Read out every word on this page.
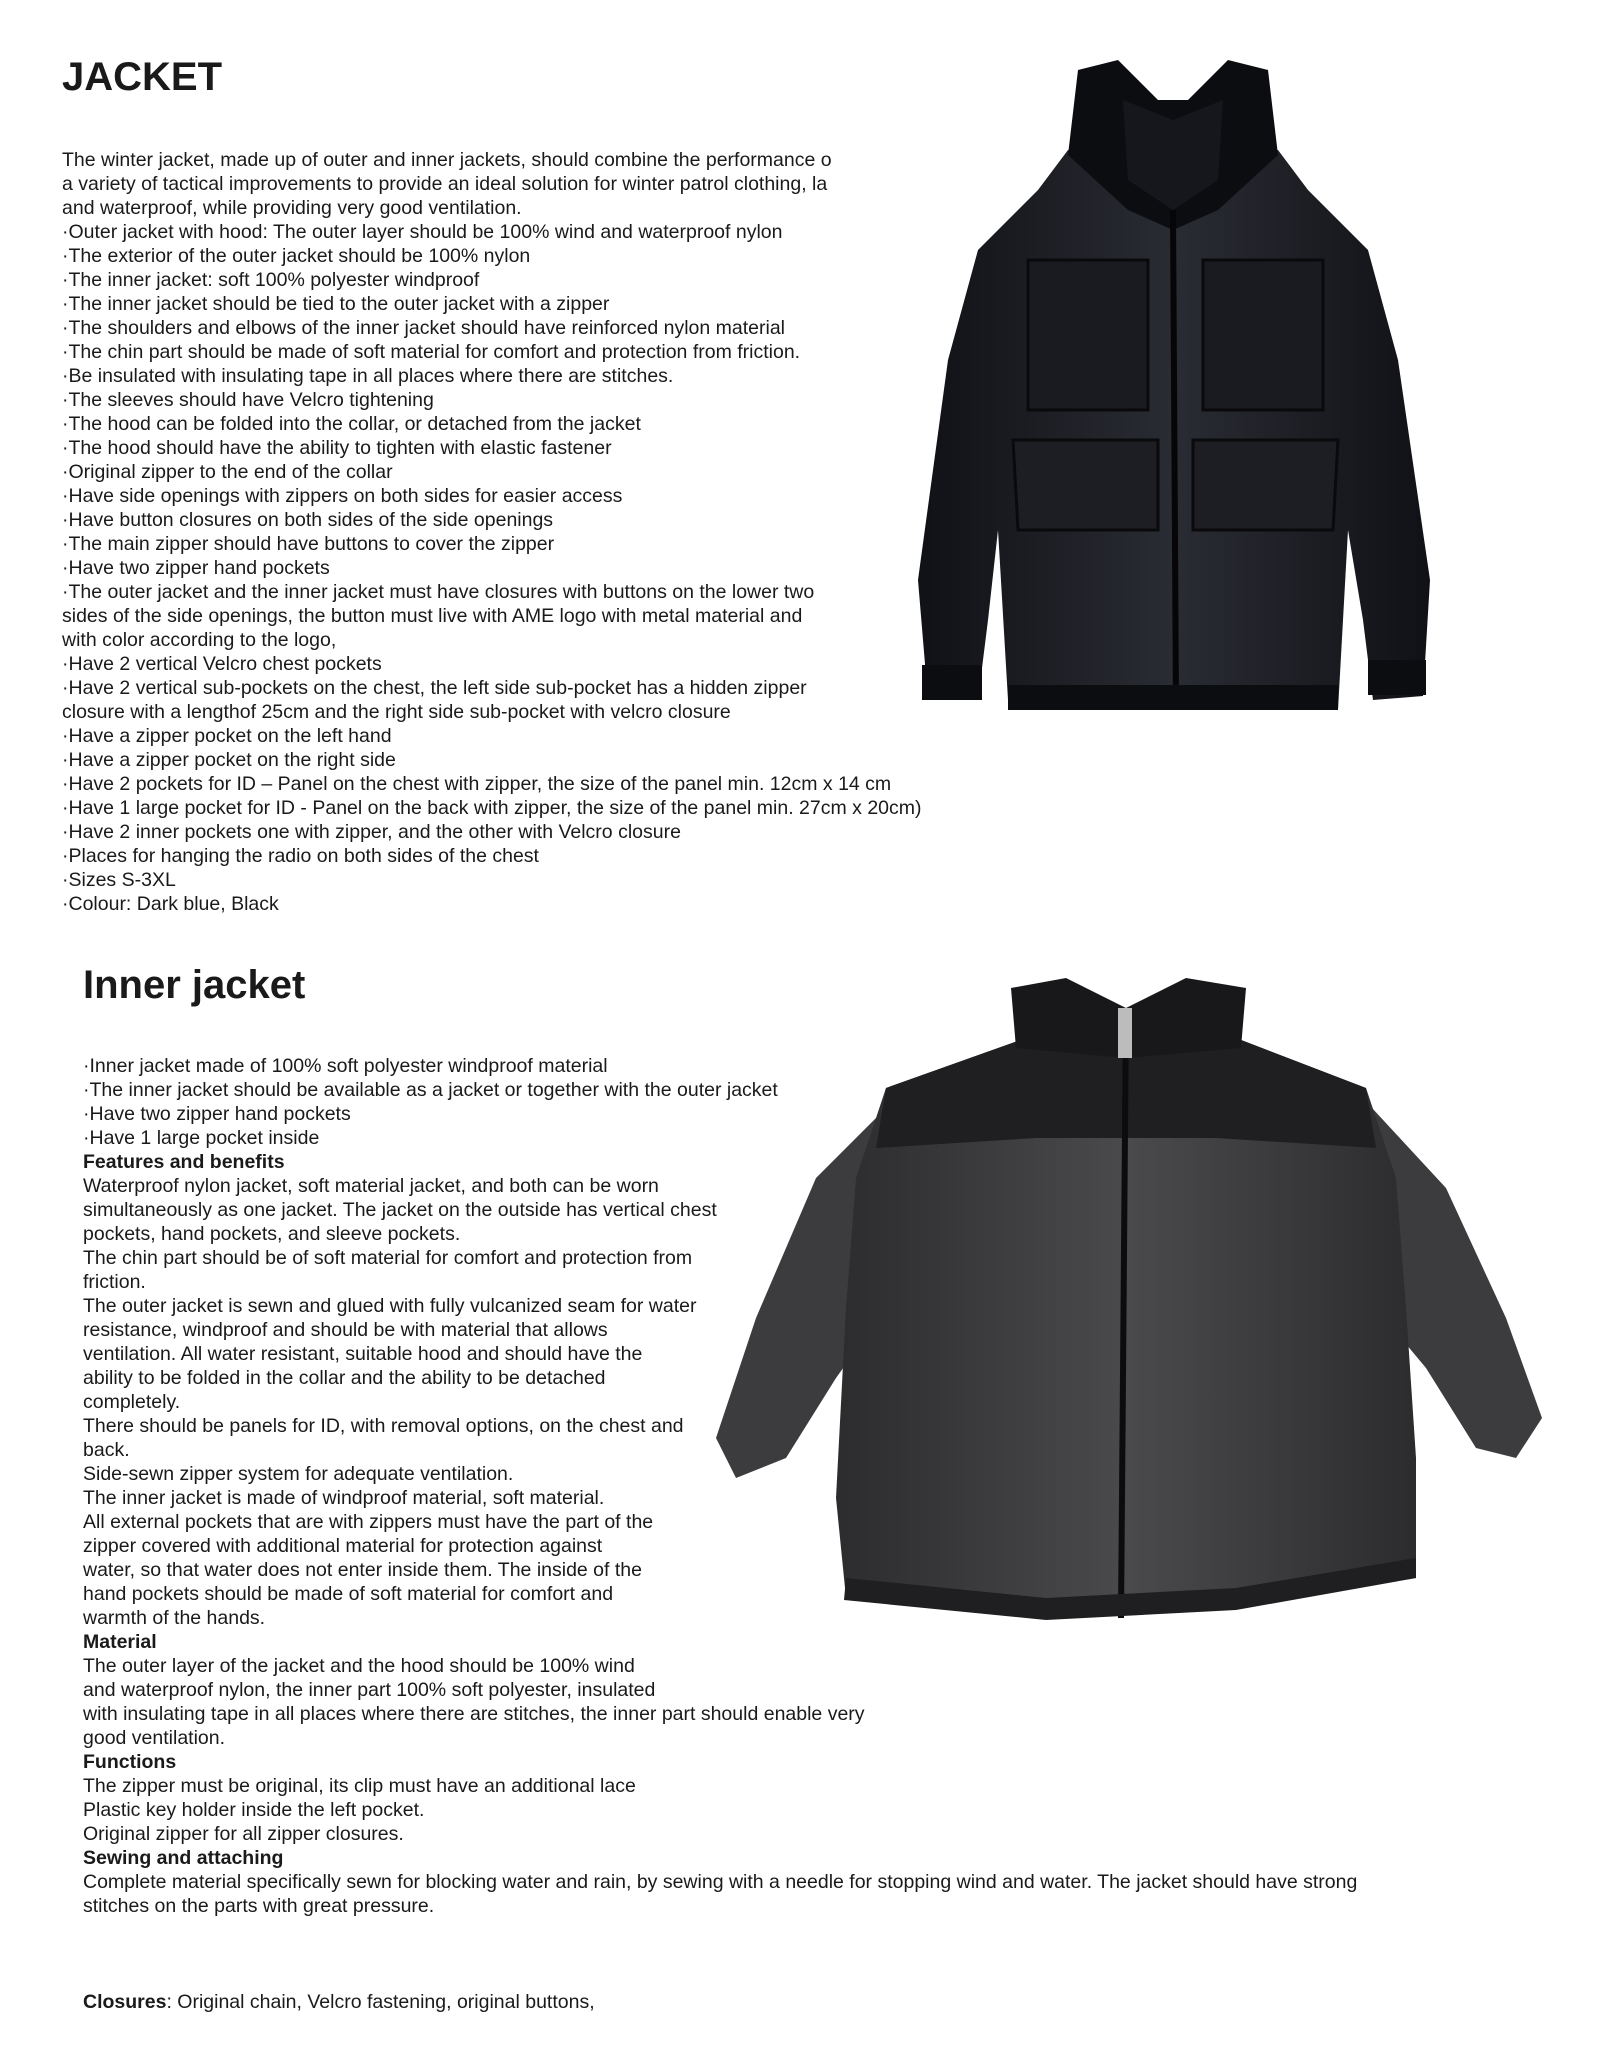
JACKET

The winter jacket, made up of outer and inner jackets, should combine the performance o
a variety of tactical improvements to provide an ideal solution for winter patrol clothing, la
and waterproof, while providing very good ventilation.
·Outer jacket with hood: The outer layer should be 100% wind and waterproof nylon
·The exterior of the outer jacket should be 100% nylon
·The inner jacket: soft 100% polyester windproof
·The inner jacket should be tied to the outer jacket with a zipper
·The shoulders and elbows of the inner jacket should have reinforced nylon material
·The chin part should be made of soft material for comfort and protection from friction.
·Be insulated with insulating tape in all places where there are stitches.
·The sleeves should have Velcro tightening
·The hood can be folded into the collar, or detached from the jacket
·The hood should have the ability to tighten with elastic fastener
·Original zipper to the end of the collar
·Have side openings with zippers on both sides for easier access
·Have button closures on both sides of the side openings
·The main zipper should have buttons to cover the zipper
·Have two zipper hand pockets
·The outer jacket and the inner jacket must have closures with buttons on the lower two
sides of the side openings, the button must live with AME logo with metal material and
with color according to the logo,
·Have 2 vertical Velcro chest pockets
·Have 2 vertical sub-pockets on the chest, the left side sub-pocket has a hidden zipper
closure with a lengthof 25cm and the right side sub-pocket with velcro closure
·Have a zipper pocket on the left hand
·Have a zipper pocket on the right side
·Have 2 pockets for ID – Panel on the chest with zipper, the size of the panel min. 12cm x 14 cm
·Have 1 large pocket for ID - Panel on the back with zipper, the size of the panel min. 27cm x 20cm)
·Have 2 inner pockets one with zipper, and the other with Velcro closure
·Places for hanging the radio on both sides of the chest
·Sizes S-3XL
·Colour: Dark blue, Black

Inner jacket

·Inner jacket made of 100% soft polyester windproof material
·The inner jacket should be available as a jacket or together with the outer jacket
·Have two zipper hand pockets
·Have 1 large pocket inside
Features and benefits
Waterproof nylon jacket, soft material jacket, and both can be worn
simultaneously as one jacket. The jacket on the outside has vertical chest
pockets, hand pockets, and sleeve pockets.
The chin part should be of soft material for comfort and protection from
friction.
The outer jacket is sewn and glued with fully vulcanized seam for water
resistance, windproof and should be with material that allows
ventilation. All water resistant, suitable hood and should have the
ability to be folded in the collar and the ability to be detached
completely.
There should be panels for ID, with removal options, on the chest and
back.
Side-sewn zipper system for adequate ventilation.
The inner jacket is made of windproof material, soft material.
All external pockets that are with zippers must have the part of the
zipper covered with additional material for protection against
water, so that water does not enter inside them. The inside of the
hand pockets should be made of soft material for comfort and
warmth of the hands.
Material
The outer layer of the jacket and the hood should be 100% wind
and waterproof nylon, the inner part 100% soft polyester, insulated
with insulating tape in all places where there are stitches, the inner part should enable very
good ventilation.
Functions
The zipper must be original, its clip must have an additional lace
Plastic key holder inside the left pocket.
Original zipper for all zipper closures.
Sewing and attaching
Complete material specifically sewn for blocking water and rain, by sewing with a needle for stopping wind and water. The jacket should have strong
stitches on the parts with great pressure.

Closures: Original chain, Velcro fastening, original buttons,
